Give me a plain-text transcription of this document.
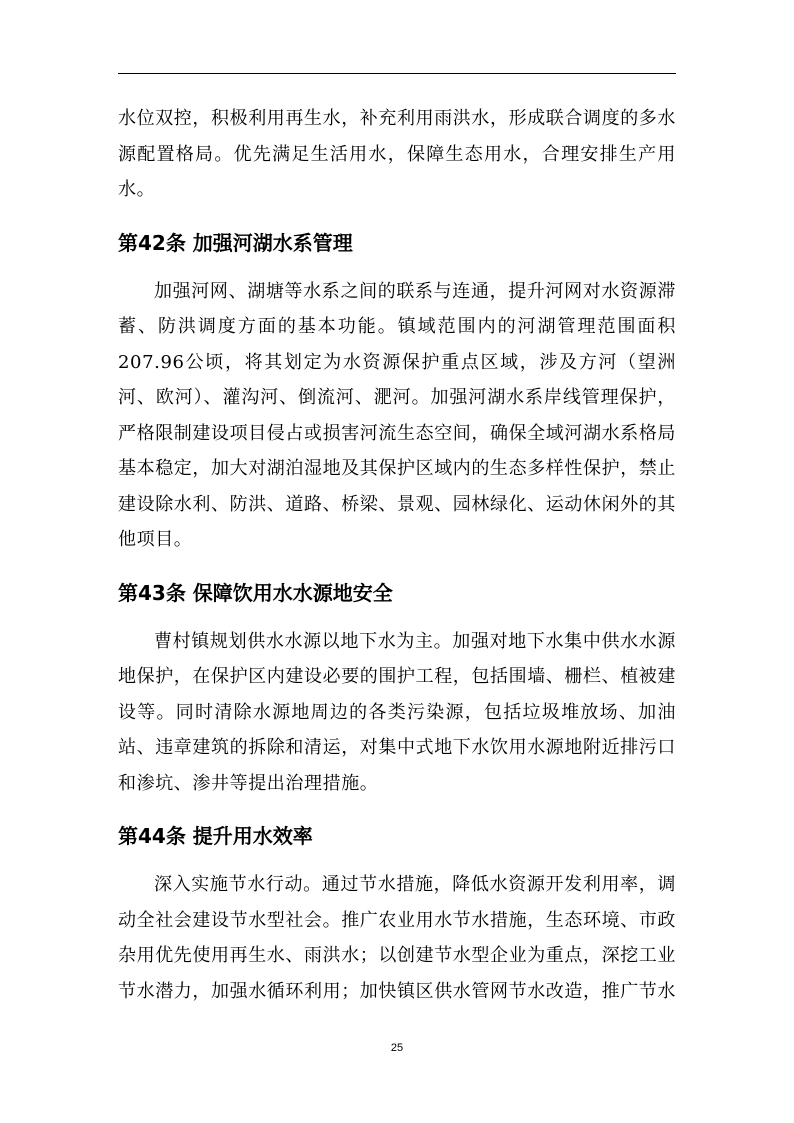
水位双控，积极利用再生水，补充利用雨洪水，形成联合调度的多水源配置格局。优先满足生活用水，保障生态用水，合理安排生产用水。

第42条 加强河湖水系管理

加强河网、湖塘等水系之间的联系与连通，提升河网对水资源滞蓄、防洪调度方面的基本功能。镇域范围内的河湖管理范围面积207.96公顷，将其划定为水资源保护重点区域，涉及方河（望洲河、欧河）、灌沟河、倒流河、淝河。加强河湖水系岸线管理保护，严格限制建设项目侵占或损害河流生态空间，确保全域河湖水系格局基本稳定，加大对湖泊湿地及其保护区域内的生态多样性保护，禁止建设除水利、防洪、道路、桥梁、景观、园林绿化、运动休闲外的其他项目。

第43条 保障饮用水水源地安全

曹村镇规划供水水源以地下水为主。加强对地下水集中供水水源地保护，在保护区内建设必要的围护工程，包括围墙、栅栏、植被建设等。同时清除水源地周边的各类污染源，包括垃圾堆放场、加油站、违章建筑的拆除和清运，对集中式地下水饮用水源地附近排污口和渗坑、渗井等提出治理措施。

第44条 提升用水效率

深入实施节水行动。通过节水措施，降低水资源开发利用率，调动全社会建设节水型社会。推广农业用水节水措施，生态环境、市政杂用优先使用再生水、雨洪水；以创建节水型企业为重点，深挖工业节水潜力，加强水循环利用；加快镇区供水管网节水改造，推广节水

25
